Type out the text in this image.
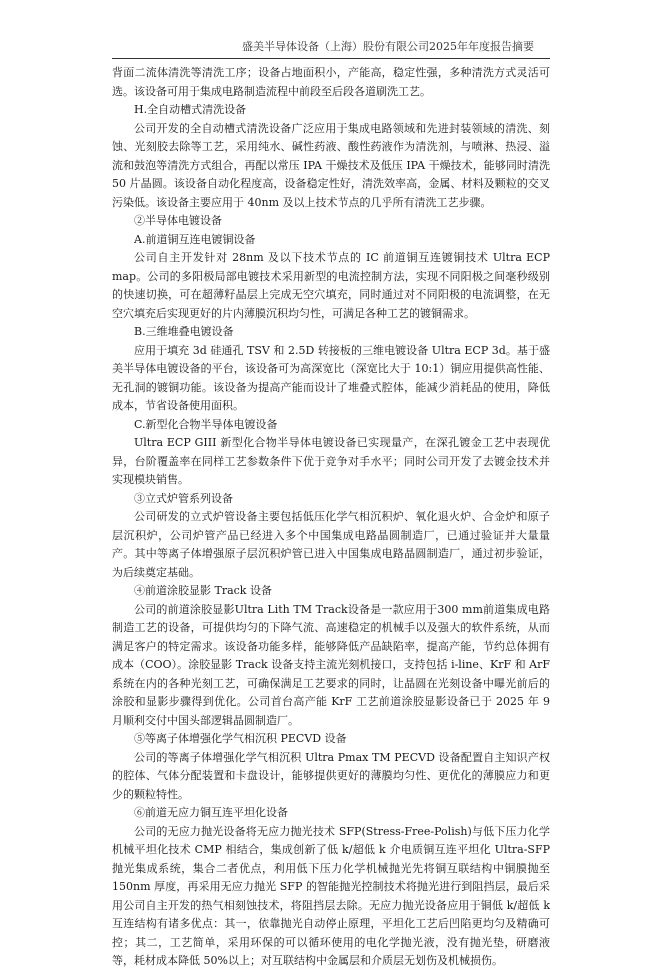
盛美半导体设备（上海）股份有限公司2025年年度报告摘要

背面二流体清洗等清洗工序；设备占地面积小，产能高，稳定性强，多种清洗方式灵活可选。该设备可用于集成电路制造流程中前段至后段各道刷洗工艺。

H.全自动槽式清洗设备

公司开发的全自动槽式清洗设备广泛应用于集成电路领域和先进封装领域的清洗、刻蚀、光刻胶去除等工艺，采用纯水、碱性药液、酸性药液作为清洗剂，与喷淋、热浸、溢流和鼓泡等清洗方式组合，再配以常压 IPA 干燥技术及低压 IPA 干燥技术，能够同时清洗 50 片晶圆。该设备自动化程度高，设备稳定性好，清洗效率高，金属、材料及颗粒的交叉污染低。该设备主要应用于 40nm 及以上技术节点的几乎所有清洗工艺步骤。

②半导体电镀设备

A.前道铜互连电镀铜设备

公司自主开发针对 28nm 及以下技术节点的 IC 前道铜互连镀铜技术 Ultra ECP map。公司的多阳极局部电镀技术采用新型的电流控制方法，实现不同阳极之间毫秒级别的快速切换，可在超薄籽晶层上完成无空穴填充，同时通过对不同阳极的电流调整，在无空穴填充后实现更好的片内薄膜沉积均匀性，可满足各种工艺的镀铜需求。

B.三维堆叠电镀设备

应用于填充 3d 硅通孔 TSV 和 2.5D 转接板的三维电镀设备 Ultra ECP 3d。基于盛美半导体电镀设备的平台，该设备可为高深宽比（深宽比大于 10:1）铜应用提供高性能、无孔洞的镀铜功能。该设备为提高产能而设计了堆叠式腔体，能减少消耗品的使用，降低成本，节省设备使用面积。

C.新型化合物半导体电镀设备

Ultra ECP GIII 新型化合物半导体电镀设备已实现量产，在深孔镀金工艺中表现优异，台阶覆盖率在同样工艺参数条件下优于竞争对手水平；同时公司开发了去镀金技术并实现模块销售。

③立式炉管系列设备

公司研发的立式炉管设备主要包括低压化学气相沉积炉、氧化退火炉、合金炉和原子层沉积炉，公司炉管产品已经进入多个中国集成电路晶圆制造厂，已通过验证并大量量产。其中等离子体增强原子层沉积炉管已进入中国集成电路晶圆制造厂，通过初步验证，为后续奠定基础。

④前道涂胶显影 Track 设备

公司的前道涂胶显影Ultra Lith TM Track设备是一款应用于300 mm前道集成电路制造工艺的设备，可提供均匀的下降气流、高速稳定的机械手以及强大的软件系统，从而满足客户的特定需求。该设备功能多样，能够降低产品缺陷率，提高产能，节约总体拥有成本（COO）。涂胶显影 Track 设备支持主流光刻机接口，支持包括 i-line、KrF 和 ArF 系统在内的各种光刻工艺，可确保满足工艺要求的同时，让晶圆在光刻设备中曝光前后的涂胶和显影步骤得到优化。公司首台高产能 KrF 工艺前道涂胶显影设备已于 2025 年 9 月顺利交付中国头部逻辑晶圆制造厂。

⑤等离子体增强化学气相沉积 PECVD 设备

公司的等离子体增强化学气相沉积 Ultra Pmax TM PECVD 设备配置自主知识产权的腔体、气体分配装置和卡盘设计，能够提供更好的薄膜均匀性、更优化的薄膜应力和更少的颗粒特性。

⑥前道无应力铜互连平坦化设备

公司的无应力抛光设备将无应力抛光技术 SFP(Stress-Free-Polish)与低下压力化学机械平坦化技术 CMP 相结合，集成创新了低 k/超低 k 介电质铜互连平坦化 Ultra-SFP 抛光集成系统，集合二者优点，利用低下压力化学机械抛光先将铜互联结构中铜膜抛至 150nm 厚度，再采用无应力抛光 SFP 的智能抛光控制技术将抛光进行到阻挡层，最后采用公司自主开发的热气相刻蚀技术，将阻挡层去除。无应力抛光设备应用于铜低 k/超低 k 互连结构有诸多优点：其一，依靠抛光自动停止原理，平坦化工艺后凹陷更均匀及精确可控；其二，工艺简单，采用环保的可以循环使用的电化学抛光液，没有抛光垫，研磨液等，耗材成本降低 50%以上；对互联结构中金属层和介质层无划伤及机械损伤。
